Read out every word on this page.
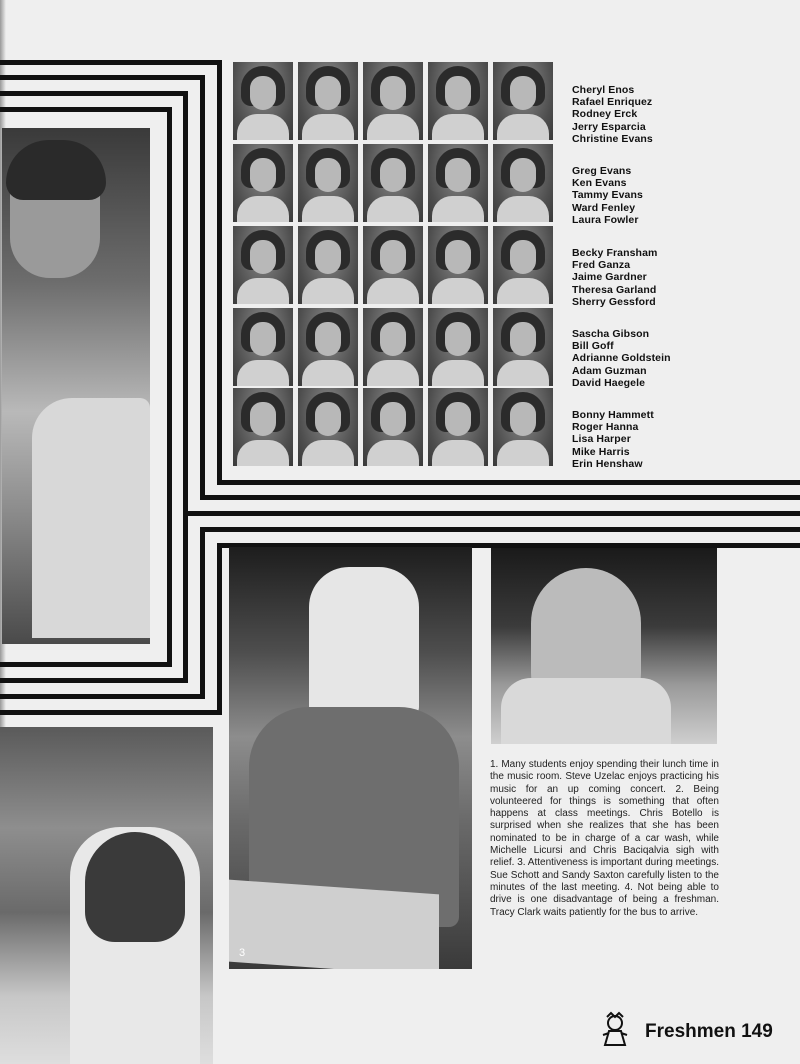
Cheryl Enos
Rafael Enriquez
Rodney Erck
Jerry Esparcia
Christine Evans
Greg Evans
Ken Evans
Tammy Evans
Ward Fenley
Laura Fowler
Becky Fransham
Fred Ganza
Jaime Gardner
Theresa Garland
Sherry Gessford
Sascha Gibson
Bill Goff
Adrianne Goldstein
Adam Guzman
David Haegele
Bonny Hammett
Roger Hanna
Lisa Harper
Mike Harris
Erin Henshaw
3
1. Many students enjoy spending their lunch time in the music room. Steve Uzelac enjoys practicing his music for an up coming concert. 2. Being volunteered for things is something that often happens at class meetings. Chris Botello is surprised when she realizes that she has been nominated to be in charge of a car wash, while Michelle Licursi and Chris Baciqalvia sigh with relief. 3. Attentiveness is important during meetings. Sue Schott and Sandy Saxton carefully listen to the minutes of the last meeting. 4. Not being able to drive is one disadvantage of being a freshman. Tracy Clark waits patiently for the bus to arrive.
Freshmen 149
